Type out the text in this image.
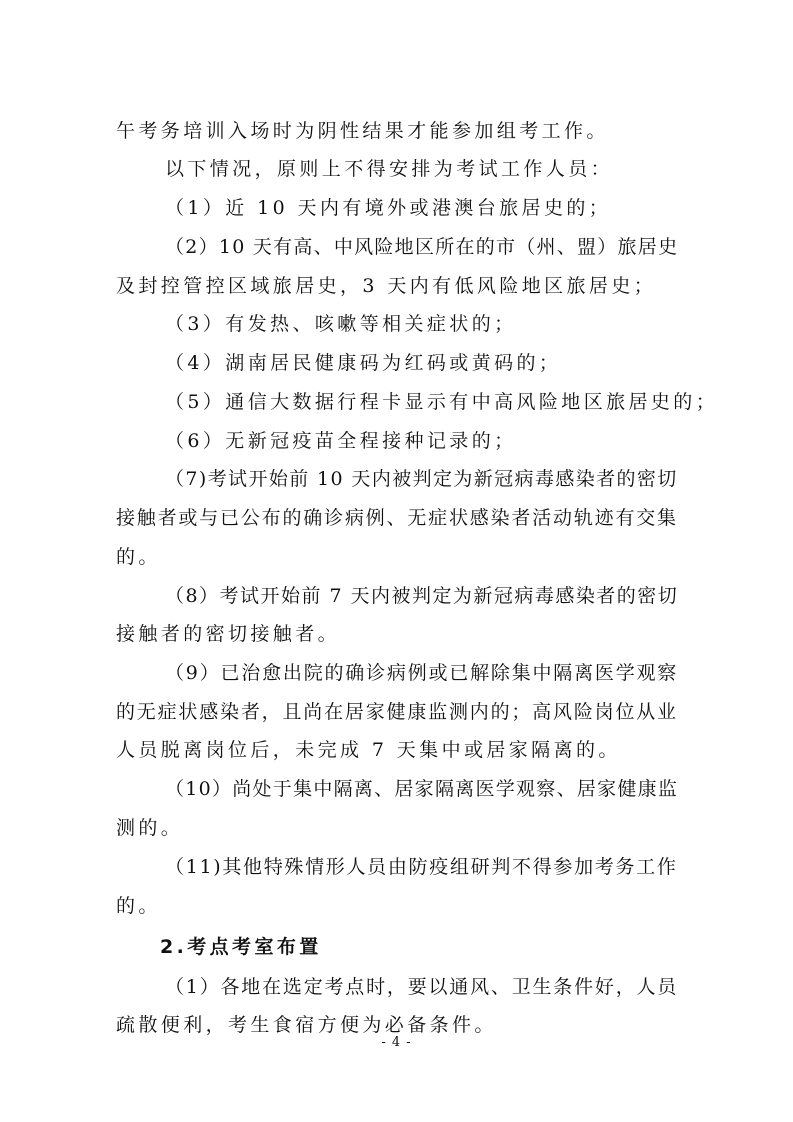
午考务培训入场时为阴性结果才能参加组考工作。
以下情况，原则上不得安排为考试工作人员：
（1）近 10 天内有境外或港澳台旅居史的；
（2）10 天有高、中风险地区所在的市（州、盟）旅居史
及封控管控区域旅居史，3 天内有低风险地区旅居史；
（3）有发热、咳嗽等相关症状的；
（4）湖南居民健康码为红码或黄码的；
（5）通信大数据行程卡显示有中高风险地区旅居史的；
（6）无新冠疫苗全程接种记录的；
（7)考试开始前 10 天内被判定为新冠病毒感染者的密切
接触者或与已公布的确诊病例、无症状感染者活动轨迹有交集
的。
（8）考试开始前 7 天内被判定为新冠病毒感染者的密切
接触者的密切接触者。
（9）已治愈出院的确诊病例或已解除集中隔离医学观察
的无症状感染者，且尚在居家健康监测内的；高风险岗位从业
人员脱离岗位后，未完成 7 天集中或居家隔离的。
（10）尚处于集中隔离、居家隔离医学观察、居家健康监
测的。
（11)其他特殊情形人员由防疫组研判不得参加考务工作
的。
2.考点考室布置
（1）各地在选定考点时，要以通风、卫生条件好，人员
疏散便利，考生食宿方便为必备条件。
- 4 -
